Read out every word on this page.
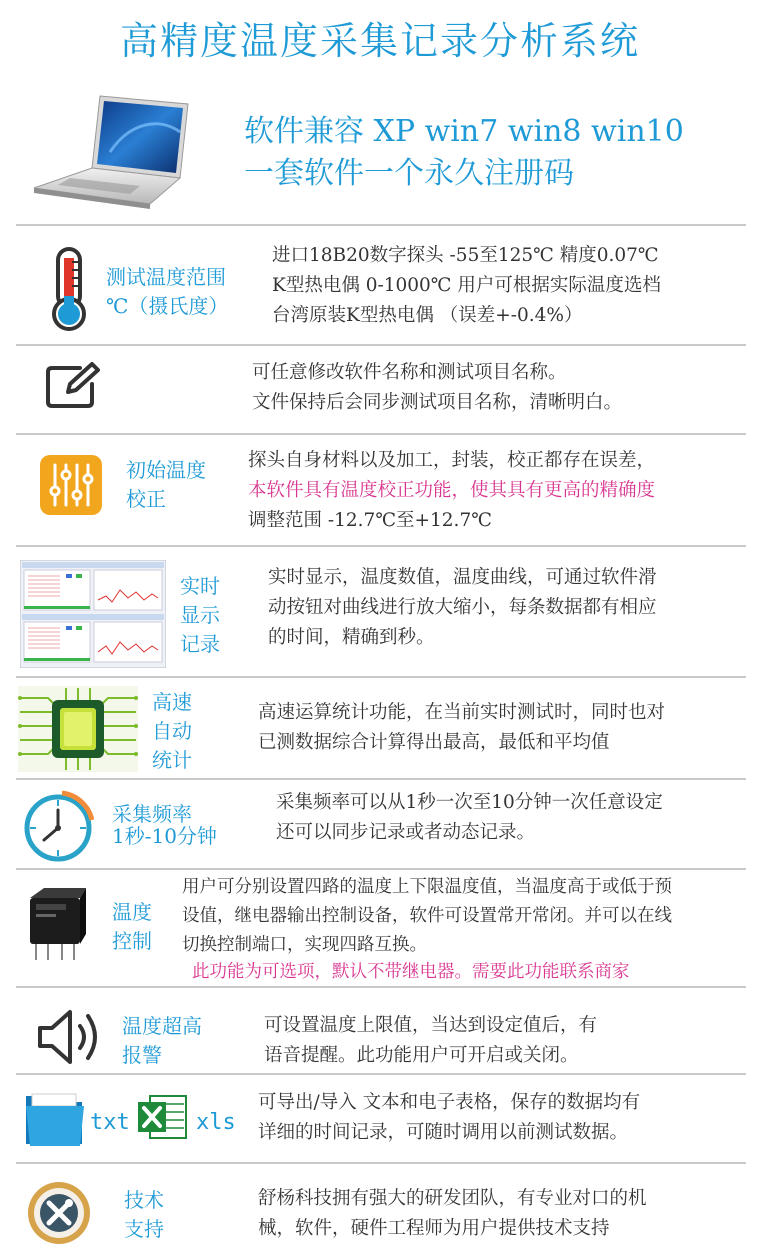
高精度温度采集记录分析系统
软件兼容 XP win7 win8 win10
一套软件一个永久注册码
测试温度范围
℃（摄氏度）
进口18B20数字探头 -55至125℃ 精度0.07℃
K型热电偶 0-1000℃ 用户可根据实际温度选档
台湾原装K型热电偶 （误差+-0.4%）
可任意修改软件名称和测试项目名称。
文件保持后会同步测试项目名称，清晰明白。
初始温度
校正
探头自身材料以及加工，封装，校正都存在误差，
本软件具有温度校正功能，使其具有更高的精确度
调整范围 -12.7℃至+12.7℃
实时
显示
记录
实时显示，温度数值，温度曲线，可通过软件滑
动按钮对曲线进行放大缩小，每条数据都有相应
的时间，精确到秒。
高速
自动
统计
高速运算统计功能，在当前实时测试时，同时也对
已测数据综合计算得出最高，最低和平均值
采集频率
1秒-10分钟
采集频率可以从1秒一次至10分钟一次任意设定
还可以同步记录或者动态记录。
温度
控制
用户可分别设置四路的温度上下限温度值，当温度高于或低于预
设值，继电器输出控制设备，软件可设置常开常闭。并可以在线
切换控制端口，实现四路互换。
此功能为可选项，默认不带继电器。需要此功能联系商家
温度超高
报警
可设置温度上限值，当达到设定值后，有
语音提醒。此功能用户可开启或关闭。
txt	xls
可导出/导入 文本和电子表格，保存的数据均有
详细的时间记录，可随时调用以前测试数据。
技术
支持
舒杨科技拥有强大的研发团队，有专业对口的机
械，软件，硬件工程师为用户提供技术支持
